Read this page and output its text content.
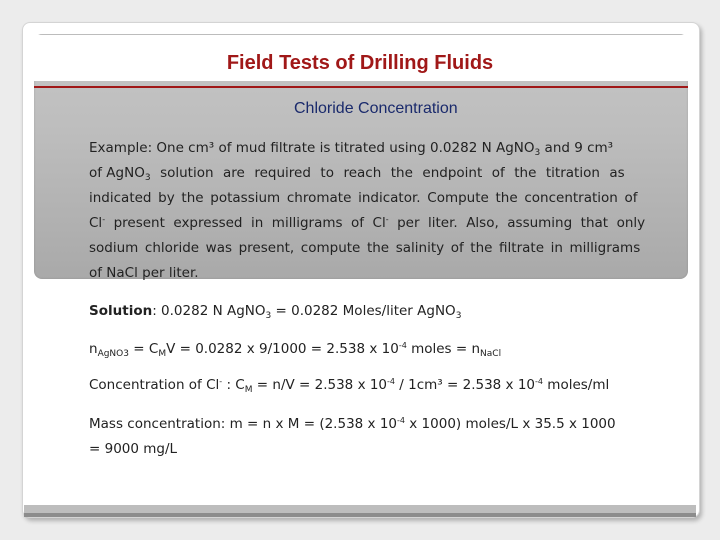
Field Tests of Drilling Fluids
Chloride Concentration
Example: One cm³ of mud filtrate is titrated using 0.0282 N AgNO$_3$ and 9 cm³
of AgNO$_3$ solution are required to reach the endpoint of the titration as
indicated by the potassium chromate indicator. Compute the concentration of
Cl- present expressed in milligrams of Cl- per liter. Also, assuming that only
sodium chloride was present, compute the salinity of the filtrate in milligrams
of NaCl per liter.
Solution: 0.0282 N AgNO$_3$ = 0.0282 Moles/liter AgNO$_3$
$n_{AgNO3} = C_MV = 0.0282$ x 9/1000 = 2.538 x $10^{-4}$ moles = $n_{NaCl}$
Concentration of Cl- : $C_M = n/V = 2.538$ x $10^{-4} / 1cm^3 = 2.538$ x $10^{-4}$ moles/ml
Mass concentration: m = n x M = (2.538 x $10^{-4}$ x 1000) moles/L x 35.5 x 1000
= 9000 mg/L
